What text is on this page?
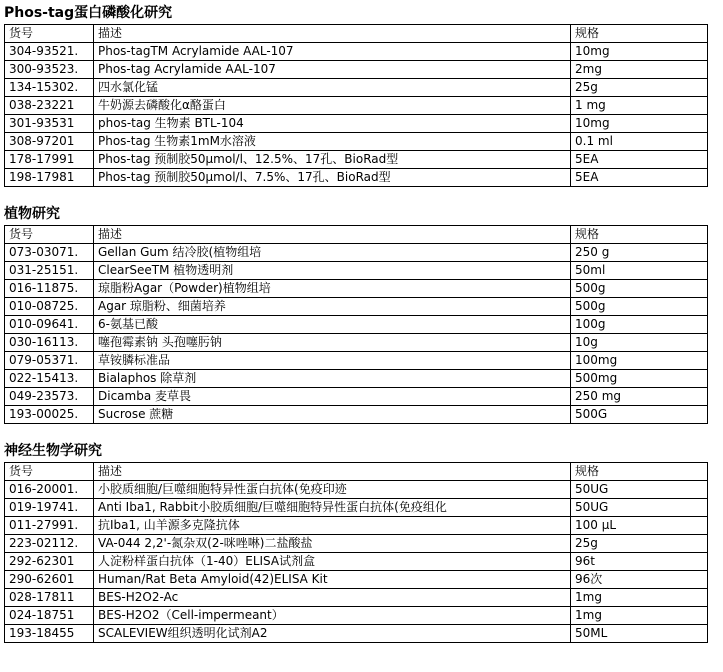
Phos-tag蛋白磷酸化研究
货号	描述	规格
304-93521.	Phos-tagTM Acrylamide AAL-107	10mg
300-93523.	Phos-tag Acrylamide AAL-107	2mg
134-15302.	四水氯化锰	25g
038-23221	牛奶源去磷酸化α酪蛋白	1 mg
301-93531	phos-tag 生物素 BTL-104	10mg
308-97201	Phos-tag 生物素1mM水溶液	0.1 ml
178-17991	Phos-tag 预制胶50μmol/l、12.5%、17孔、BioRad型	5EA
198-17981	Phos-tag 预制胶50μmol/l、7.5%、17孔、BioRad型	5EA
植物研究
货号	描述	规格
073-03071.	Gellan Gum 结冷胶(植物组培	250 g
031-25151.	ClearSeeTM 植物透明剂	50ml
016-11875.	琼脂粉Agar（Powder)植物组培	500g
010-08725.	Agar 琼脂粉、细菌培养	500g
010-09641.	6-氨基已酸	100g
030-16113.	噻孢霉素钠 头孢噻肟钠	10g
079-05371.	草铵膦标准品	100mg
022-15413.	Bialaphos 除草剂	500mg
049-23573.	Dicamba 麦草畏	250 mg
193-00025.	Sucrose 蔗糖	500G
神经生物学研究
货号	描述	规格
016-20001.	小胶质细胞/巨噬细胞特异性蛋白抗体(免疫印迹	50UG
019-19741.	Anti Iba1, Rabbit小胶质细胞/巨噬细胞特异性蛋白抗体(免疫组化	50UG
011-27991.	抗Iba1, 山羊源多克隆抗体	100 μL
223-02112.	VA-044 2,2'-氮杂双(2-咪唑啉)二盐酸盐	25g
292-62301	人淀粉样蛋白抗体（1-40）ELISA试剂盒	96t
290-62601	Human/Rat Beta Amyloid(42)ELISA Kit	96次
028-17811	BES-H2O2-Ac	1mg
024-18751	BES-H2O2（Cell-impermeant）	1mg
193-18455	SCALEVIEW组织透明化试剂A2	50ML
